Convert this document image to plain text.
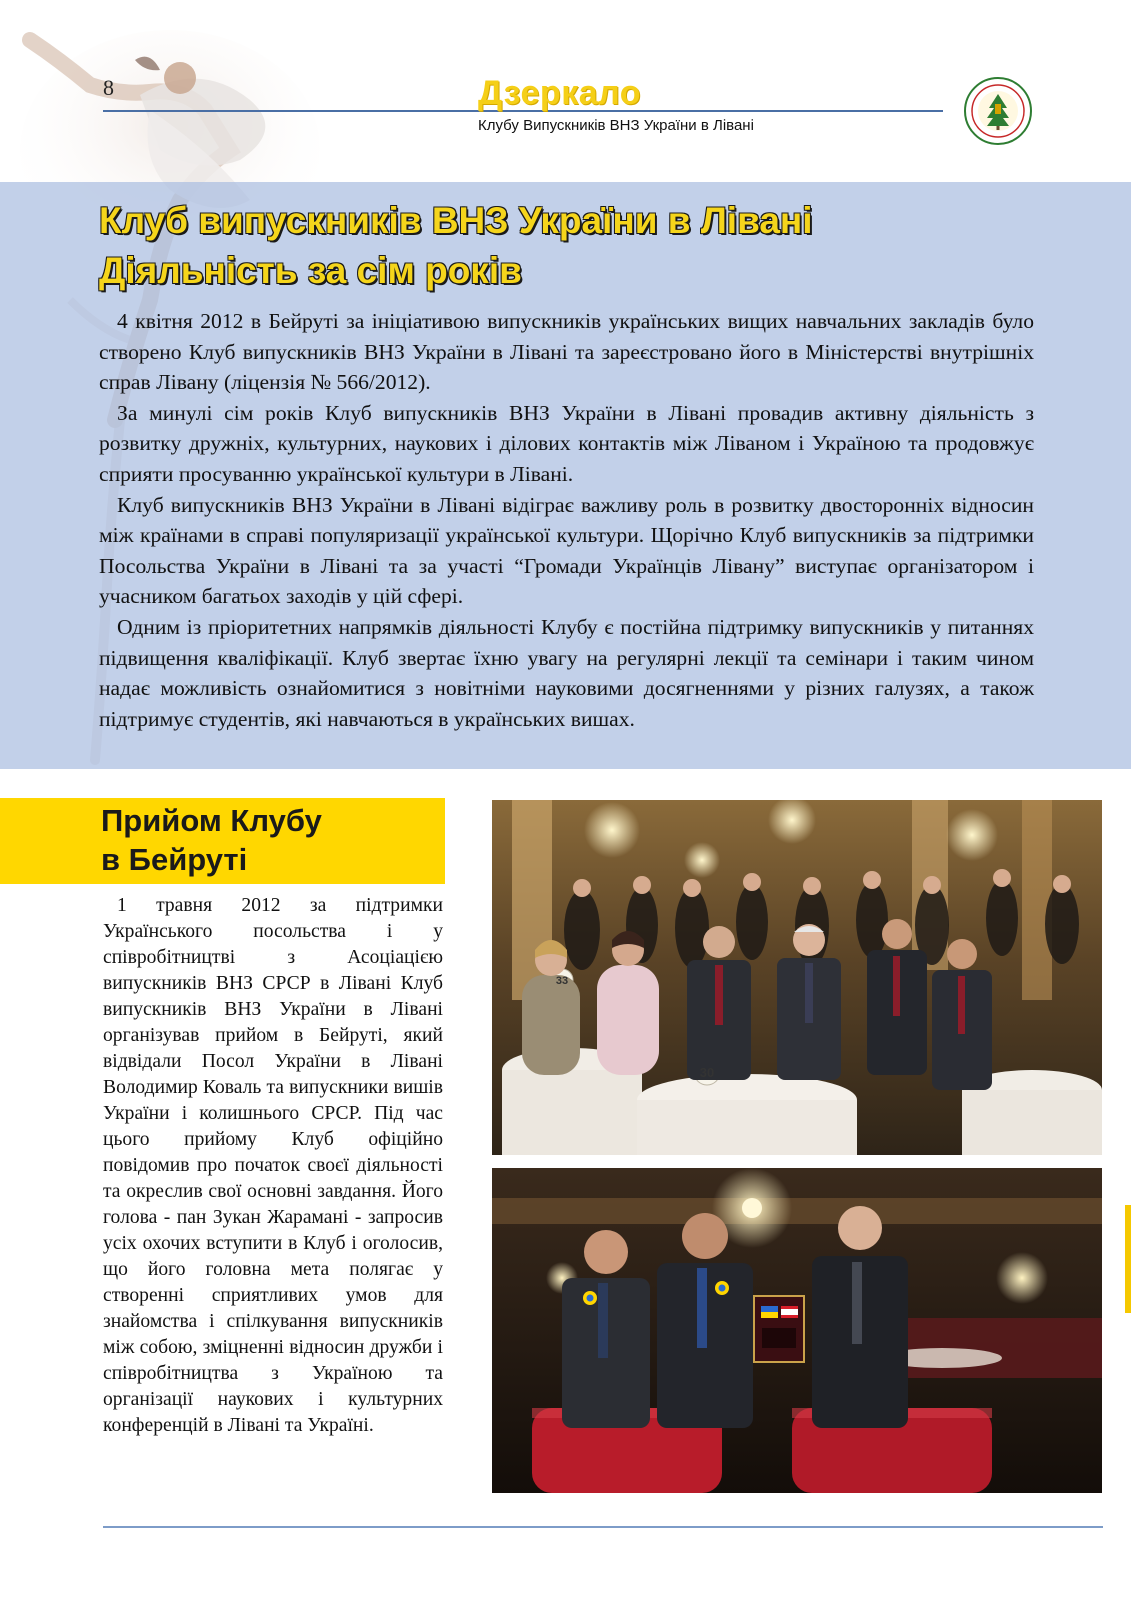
8	Дзеркало
Клубу Випускників ВНЗ України в Лівані
Клуб випускників ВНЗ України в Лівані
Діяльність за сім років

4 квітня 2012 в Бейруті за ініціативою випускників українських вищих навчальних закладів було створено Клуб випускників ВНЗ України в Лівані та зареєстровано його в Міністерстві внутрішніх справ Лівану (ліцензія № 566/2012).

За минулі сім років Клуб випускників ВНЗ України в Лівані провадив активну діяльність з розвитку дружніх, культурних, наукових і ділових контактів між Ліваном і Україною та продовжує сприяти просуванню української культури в Лівані.

Клуб випускників ВНЗ України в Лівані відіграє важливу роль в розвитку двосторонніх відносин між країнами в справі популяризації української культури. Щорічно Клуб випускників за підтримки Посольства України в Лівані та за участі “Громади Українців Лівану” виступає організатором і учасником багатьох заходів у цій сфері.

Одним із пріоритетних напрямків діяльності Клубу є постійна підтримку випускників у питаннях підвищення кваліфікації. Клуб звертає їхню увагу на регулярні лекції та семінари і таким чином надає можливість ознайомитися з новітніми науковими досягненнями у різних галузях, а також підтримує студентів, які навчаються в українських вишах.

Прийом Клубу
в Бейруті

1 травня 2012 за підтримки Українського посольства і у співробітництві з Асоціацією випускників ВНЗ СРСР в Лівані Клуб випускників ВНЗ України в Лівані організував прийом в Бейруті, який відвідали Посол України в Лівані Володимир Коваль та випускники вишів України і колишнього СРСР. Під час цього прийому Клуб офіційно повідомив про початок своєї діяльності та окреслив свої основні завдання. Його голова - пан Зукан Жарамані - запросив усіх охочих вступити в Клуб і оголосив, що його головна мета полягає у створенні сприятливих умов для знайомства і спілкування випускників між собою, зміцненні відносин дружби і співробітництва з Україною та організації наукових і культурних конференцій в Лівані та Україні.

30
33
